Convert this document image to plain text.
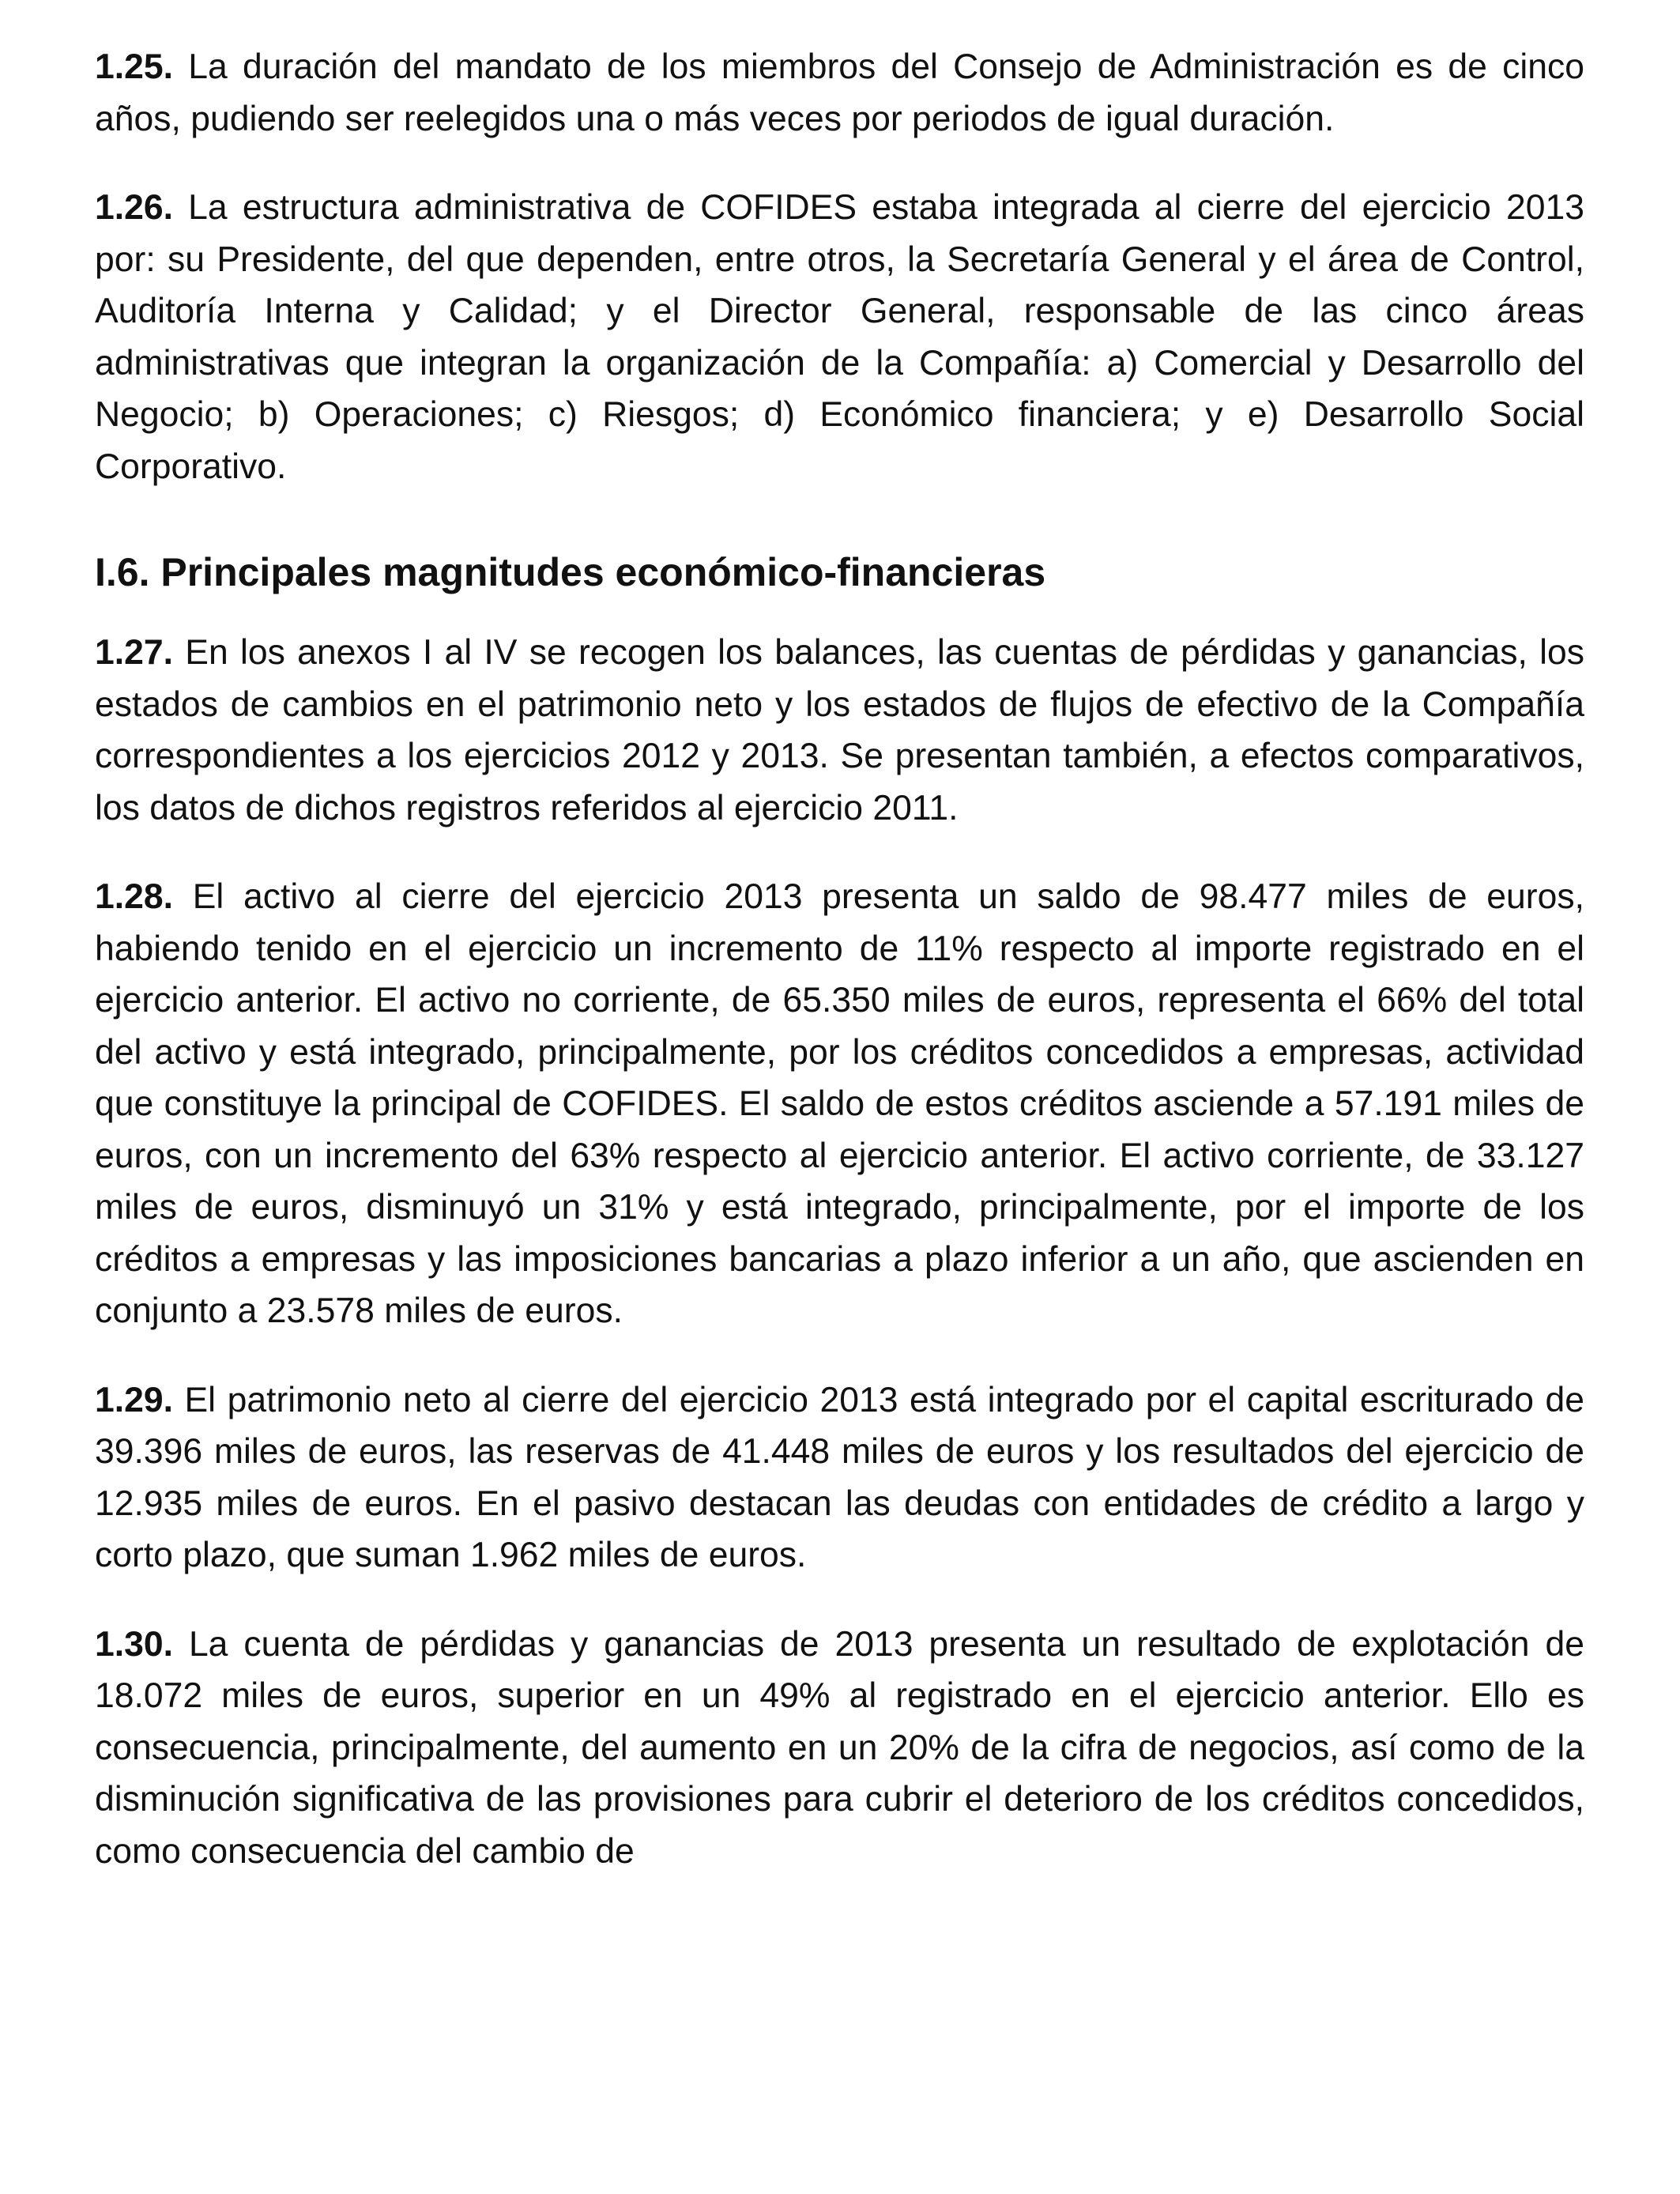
1.25. La duración del mandato de los miembros del Consejo de Administración es de cinco años, pudiendo ser reelegidos una o más veces por periodos de igual duración.

1.26. La estructura administrativa de COFIDES estaba integrada al cierre del ejercicio 2013 por: su Presidente, del que dependen, entre otros, la Secretaría General y el área de Control, Auditoría Interna y Calidad; y el Director General, responsable de las cinco áreas administrativas que integran la organización de la Compañía: a) Comercial y Desarrollo del Negocio; b) Operaciones; c) Riesgos; d) Económico financiera; y e) Desarrollo Social Corporativo.

I.6. Principales magnitudes económico-financieras

1.27. En los anexos I al IV se recogen los balances, las cuentas de pérdidas y ganancias, los estados de cambios en el patrimonio neto y los estados de flujos de efectivo de la Compañía correspondientes a los ejercicios 2012 y 2013. Se presentan también, a efectos comparativos, los datos de dichos registros referidos al ejercicio 2011.

1.28. El activo al cierre del ejercicio 2013 presenta un saldo de 98.477 miles de euros, habiendo tenido en el ejercicio un incremento de 11% respecto al importe registrado en el ejercicio anterior. El activo no corriente, de 65.350 miles de euros, representa el 66% del total del activo y está integrado, principalmente, por los créditos concedidos a empresas, actividad que constituye la principal de COFIDES. El saldo de estos créditos asciende a 57.191 miles de euros, con un incremento del 63% respecto al ejercicio anterior. El activo corriente, de 33.127 miles de euros, disminuyó un 31% y está integrado, principalmente, por el importe de los créditos a empresas y las imposiciones bancarias a plazo inferior a un año, que ascienden en conjunto a 23.578 miles de euros.

1.29. El patrimonio neto al cierre del ejercicio 2013 está integrado por el capital escriturado de 39.396 miles de euros, las reservas de 41.448 miles de euros y los resultados del ejercicio de 12.935 miles de euros. En el pasivo destacan las deudas con entidades de crédito a largo y corto plazo, que suman 1.962 miles de euros.

1.30. La cuenta de pérdidas y ganancias de 2013 presenta un resultado de explotación de 18.072 miles de euros, superior en un 49% al registrado en el ejercicio anterior. Ello es consecuencia, principalmente, del aumento en un 20% de la cifra de negocios, así como de la disminución significativa de las provisiones para cubrir el deterioro de los créditos concedidos, como consecuencia del cambio de
